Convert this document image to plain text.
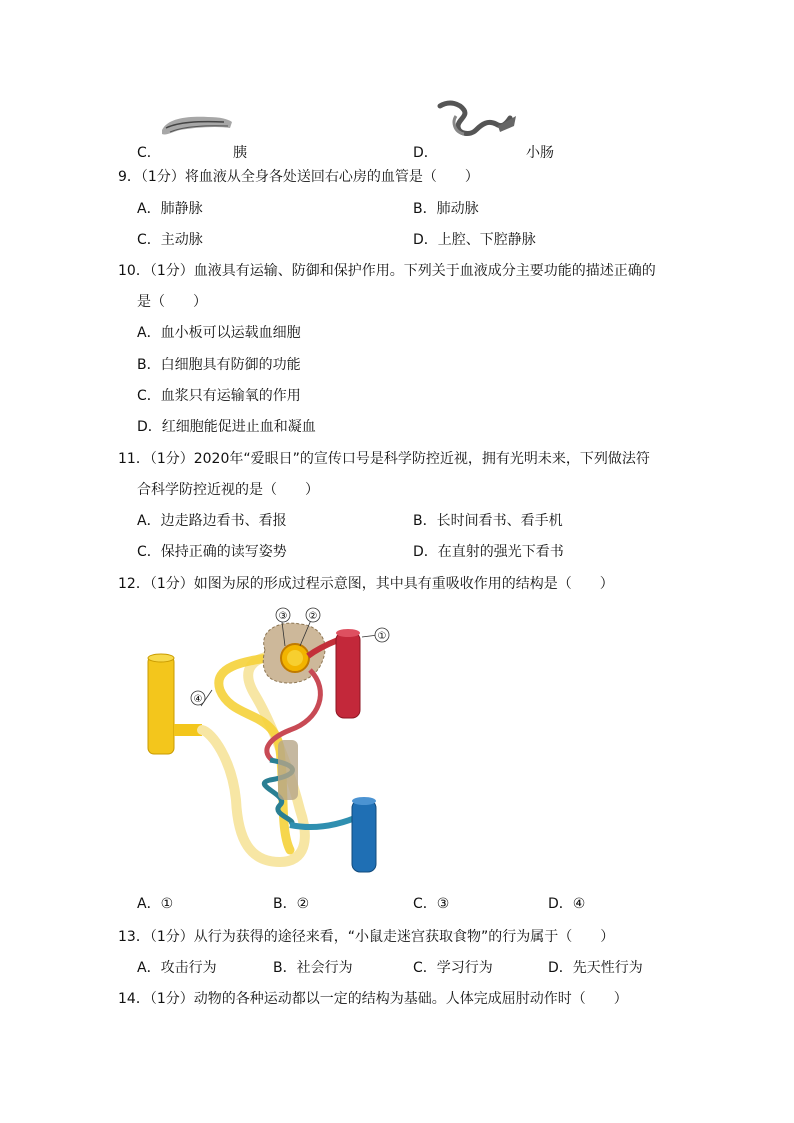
C．	胰	D．	小肠
9．（1分）将血液从全身各处送回右心房的血管是（　　）
A．肺静脉	B．肺动脉
C．主动脉	D．上腔、下腔静脉
10．（1分）血液具有运输、防御和保护作用。下列关于血液成分主要功能的描述正确的
是（　　）
A．血小板可以运载血细胞
B．白细胞具有防御的功能
C．血浆只有运输氧的作用
D．红细胞能促进止血和凝血
11．（1分）2020年“爱眼日”的宣传口号是科学防控近视，拥有光明未来，下列做法符
合科学防控近视的是（　　）
A．边走路边看书、看报	B．长时间看书、看手机
C．保持正确的读写姿势	D．在直射的强光下看书
12．（1分）如图为尿的形成过程示意图，其中具有重吸收作用的结构是（　　）
③ ②
①
④
A．①	B．②	C．③	D．④
13．（1分）从行为获得的途径来看，“小鼠走迷宫获取食物”的行为属于（　　）
A．攻击行为	B．社会行为	C．学习行为	D．先天性行为
14．（1分）动物的各种运动都以一定的结构为基础。人体完成屈肘动作时（　　）
